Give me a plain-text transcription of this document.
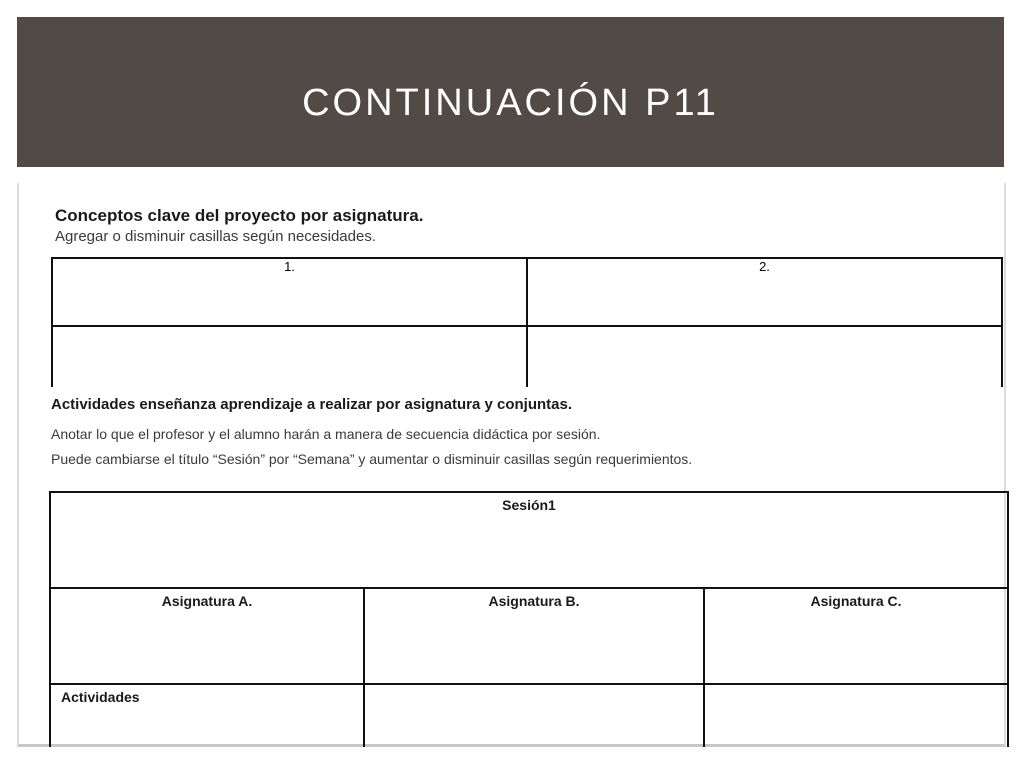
CONTINUACIÓN P11
Conceptos clave del proyecto por asignatura.
Agregar o disminuir casillas según necesidades.
1.	2.

Actividades enseñanza aprendizaje a realizar por asignatura y conjuntas.
Anotar lo que el profesor y el alumno harán a manera de secuencia didáctica por sesión.
Puede cambiarse el título “Sesión” por “Semana” y aumentar o disminuir casillas según requerimientos.
Sesión1		
Asignatura A.	Asignatura B.	Asignatura C.
Actividades		
